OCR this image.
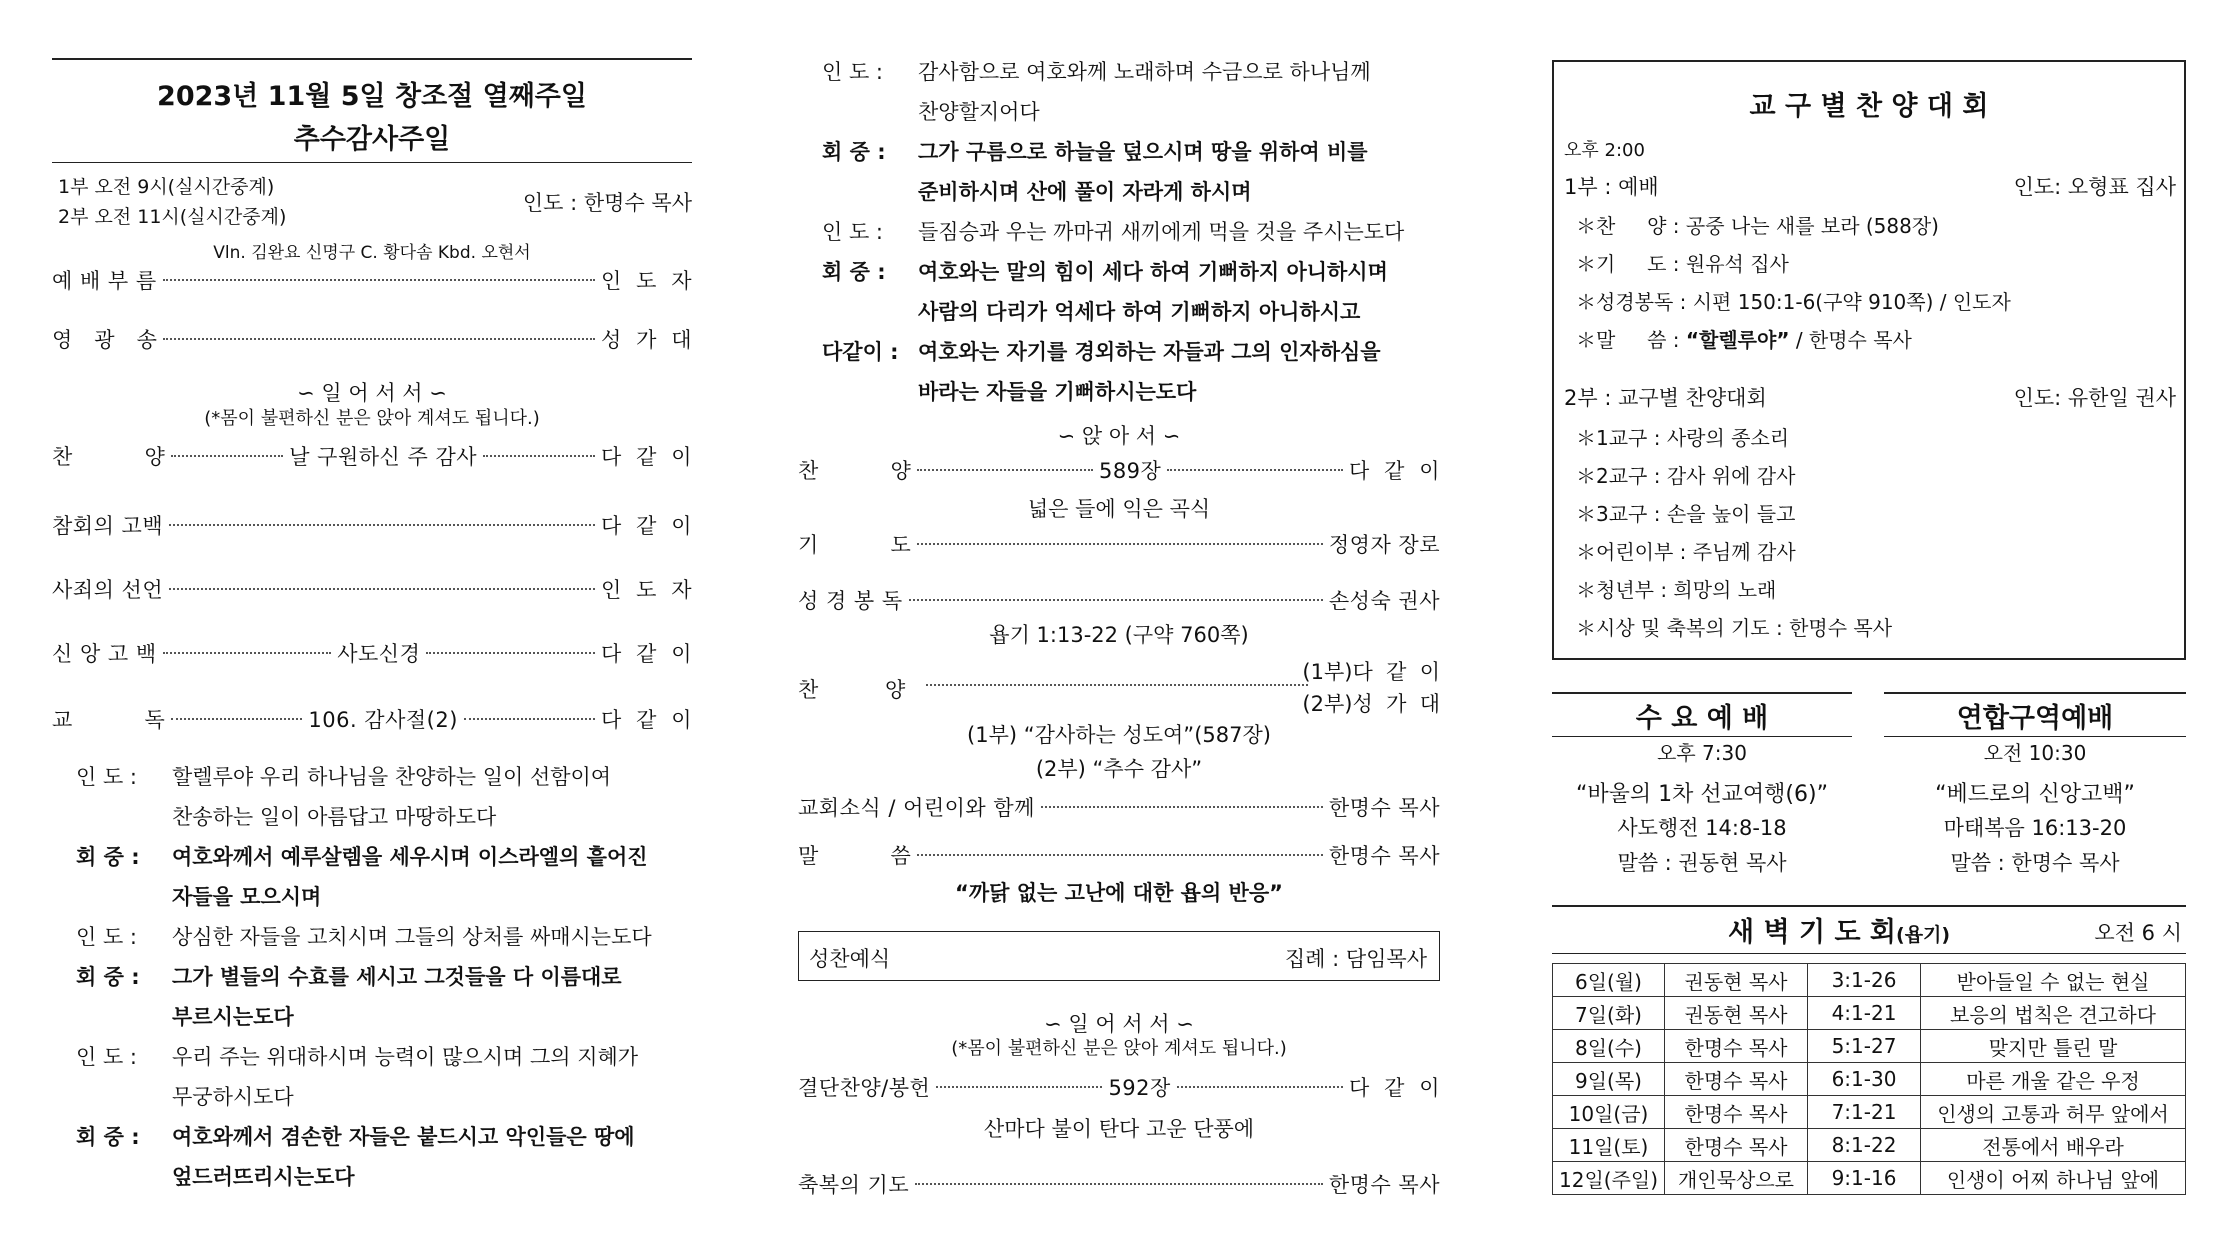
2023년 11월 5일 창조절 열째주일
추수감사주일
1부 오전 9시(실시간중계)
2부 오전 11시(실시간중계)
인도 : 한명수 목사
Vln. 김완요 신명구 C. 황다솜 Kbd. 오현서
예 배 부 름	인  도  자
영   광   송	성  가  대
∽ 일 어 서 서 ∽
(*몸이 불편하신 분은 앉아 계셔도 됩니다.)
찬          양	날 구원하신 주 감사	다  같  이
참회의 고백	다  같  이
사죄의 선언	인  도  자
신 앙 고 백	사도신경	다  같  이
교          독	106. 감사절(2)	다  같  이
인 도 : 할렐루야 우리 하나님을 찬양하는 일이 선함이여
찬송하는 일이 아름답고 마땅하도다
회 중 : 여호와께서 예루살렘을 세우시며 이스라엘의 흩어진
자들을 모으시며
인 도 : 상심한 자들을 고치시며 그들의 상처를 싸매시는도다
회 중 : 그가 별들의 수효를 세시고 그것들을 다 이름대로
부르시는도다
인 도 : 우리 주는 위대하시며 능력이 많으시며 그의 지혜가
무궁하시도다
회 중 : 여호와께서 겸손한 자들은 붙드시고 악인들은 땅에
엎드러뜨리시는도다
인 도 : 감사함으로 여호와께 노래하며 수금으로 하나님께
찬양할지어다
회 중 : 그가 구름으로 하늘을 덮으시며 땅을 위하여 비를
준비하시며 산에 풀이 자라게 하시며
인 도 : 들짐승과 우는 까마귀 새끼에게 먹을 것을 주시는도다
회 중 : 여호와는 말의 힘이 세다 하여 기뻐하지 아니하시며
사람의 다리가 억세다 하여 기뻐하지 아니하시고
다같이 : 여호와는 자기를 경외하는 자들과 그의 인자하심을
바라는 자들을 기뻐하시는도다
∽ 앉 아 서 ∽
찬          양	589장	다  같  이
넓은 들에 익은 곡식
기          도	정영자 장로
성 경 봉 독	손성숙 권사
욥기 1:13-22 (구약 760쪽)
찬          양
(1부)다  같  이
(2부)성  가  대
(1부) “감사하는 성도여”(587장)
(2부) “추수 감사”
교회소식 / 어린이와 함께	한명수 목사
말          씀	한명수 목사
“까닭 없는 고난에 대한 욥의 반응”
성찬예식	집례 : 담임목사
∽ 일 어 서 서 ∽
(*몸이 불편하신 분은 앉아 계셔도 됩니다.)
결단찬양/봉헌	592장	다  같  이
산마다 불이 탄다 고운 단풍에
축복의 기도	한명수 목사
교 구 별 찬 양 대 회
오후 2:00
1부 : 예배	인도: 오형표 집사
＊찬     양 : 공중 나는 새를 보라 (588장)
＊기     도 : 원유석 집사
＊성경봉독 : 시편 150:1-6(구약 910쪽) / 인도자
＊말     씀 : “할렐루야” / 한명수 목사
2부 : 교구별 찬양대회	인도: 유한일 권사
＊1교구 : 사랑의 종소리
＊2교구 : 감사 위에 감사
＊3교구 : 손을 높이 들고
＊어린이부 : 주님께 감사
＊청년부 : 희망의 노래
＊시상 및 축복의 기도 : 한명수 목사
수 요 예 배
오후 7:30
“바울의 1차 선교여행(6)”
사도행전 14:8-18
말씀 : 권동현 목사
연합구역예배
오전 10:30
“베드로의 신앙고백”
마태복음 16:13-20
말씀 : 한명수 목사
새 벽 기 도 회(욥기)	오전 6 시
6일(월)	권동현 목사	3:1-26	받아들일 수 없는 현실
7일(화)	권동현 목사	4:1-21	보응의 법칙은 견고하다
8일(수)	한명수 목사	5:1-27	맞지만 틀린 말
9일(목)	한명수 목사	6:1-30	마른 개울 같은 우정
10일(금)	한명수 목사	7:1-21	인생의 고통과 허무 앞에서
11일(토)	한명수 목사	8:1-22	전통에서 배우라
12일(주일)	개인묵상으로	9:1-16	인생이 어찌 하나님 앞에
